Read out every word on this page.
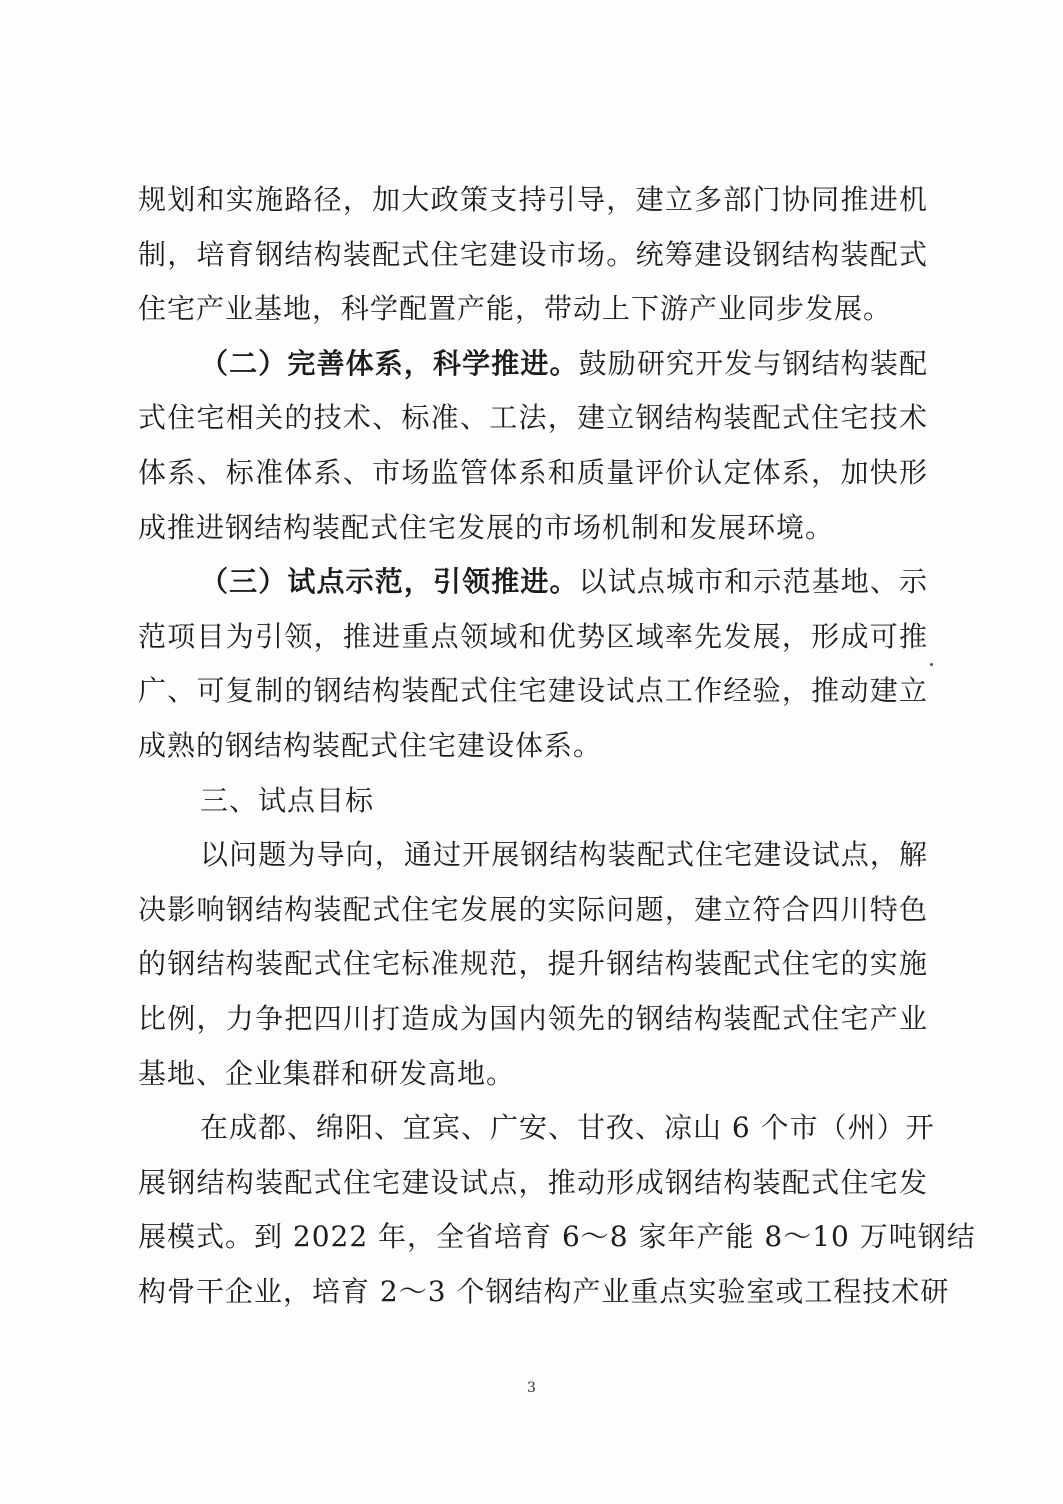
规划和实施路径，加大政策支持引导，建立多部门协同推进机
制，培育钢结构装配式住宅建设市场。统筹建设钢结构装配式
住宅产业基地，科学配置产能，带动上下游产业同步发展。
（二）完善体系，科学推进。鼓励研究开发与钢结构装配
式住宅相关的技术、标准、工法，建立钢结构装配式住宅技术
体系、标准体系、市场监管体系和质量评价认定体系，加快形
成推进钢结构装配式住宅发展的市场机制和发展环境。
（三）试点示范，引领推进。以试点城市和示范基地、示
范项目为引领，推进重点领域和优势区域率先发展，形成可推
广、可复制的钢结构装配式住宅建设试点工作经验，推动建立
成熟的钢结构装配式住宅建设体系。
三、试点目标
以问题为导向，通过开展钢结构装配式住宅建设试点，解
决影响钢结构装配式住宅发展的实际问题，建立符合四川特色
的钢结构装配式住宅标准规范，提升钢结构装配式住宅的实施
比例，力争把四川打造成为国内领先的钢结构装配式住宅产业
基地、企业集群和研发高地。
在成都、绵阳、宜宾、广安、甘孜、凉山 6 个市（州）开
展钢结构装配式住宅建设试点，推动形成钢结构装配式住宅发
展模式。到 2022 年，全省培育 6～8 家年产能 8～10 万吨钢结
构骨干企业，培育 2～3 个钢结构产业重点实验室或工程技术研
3
